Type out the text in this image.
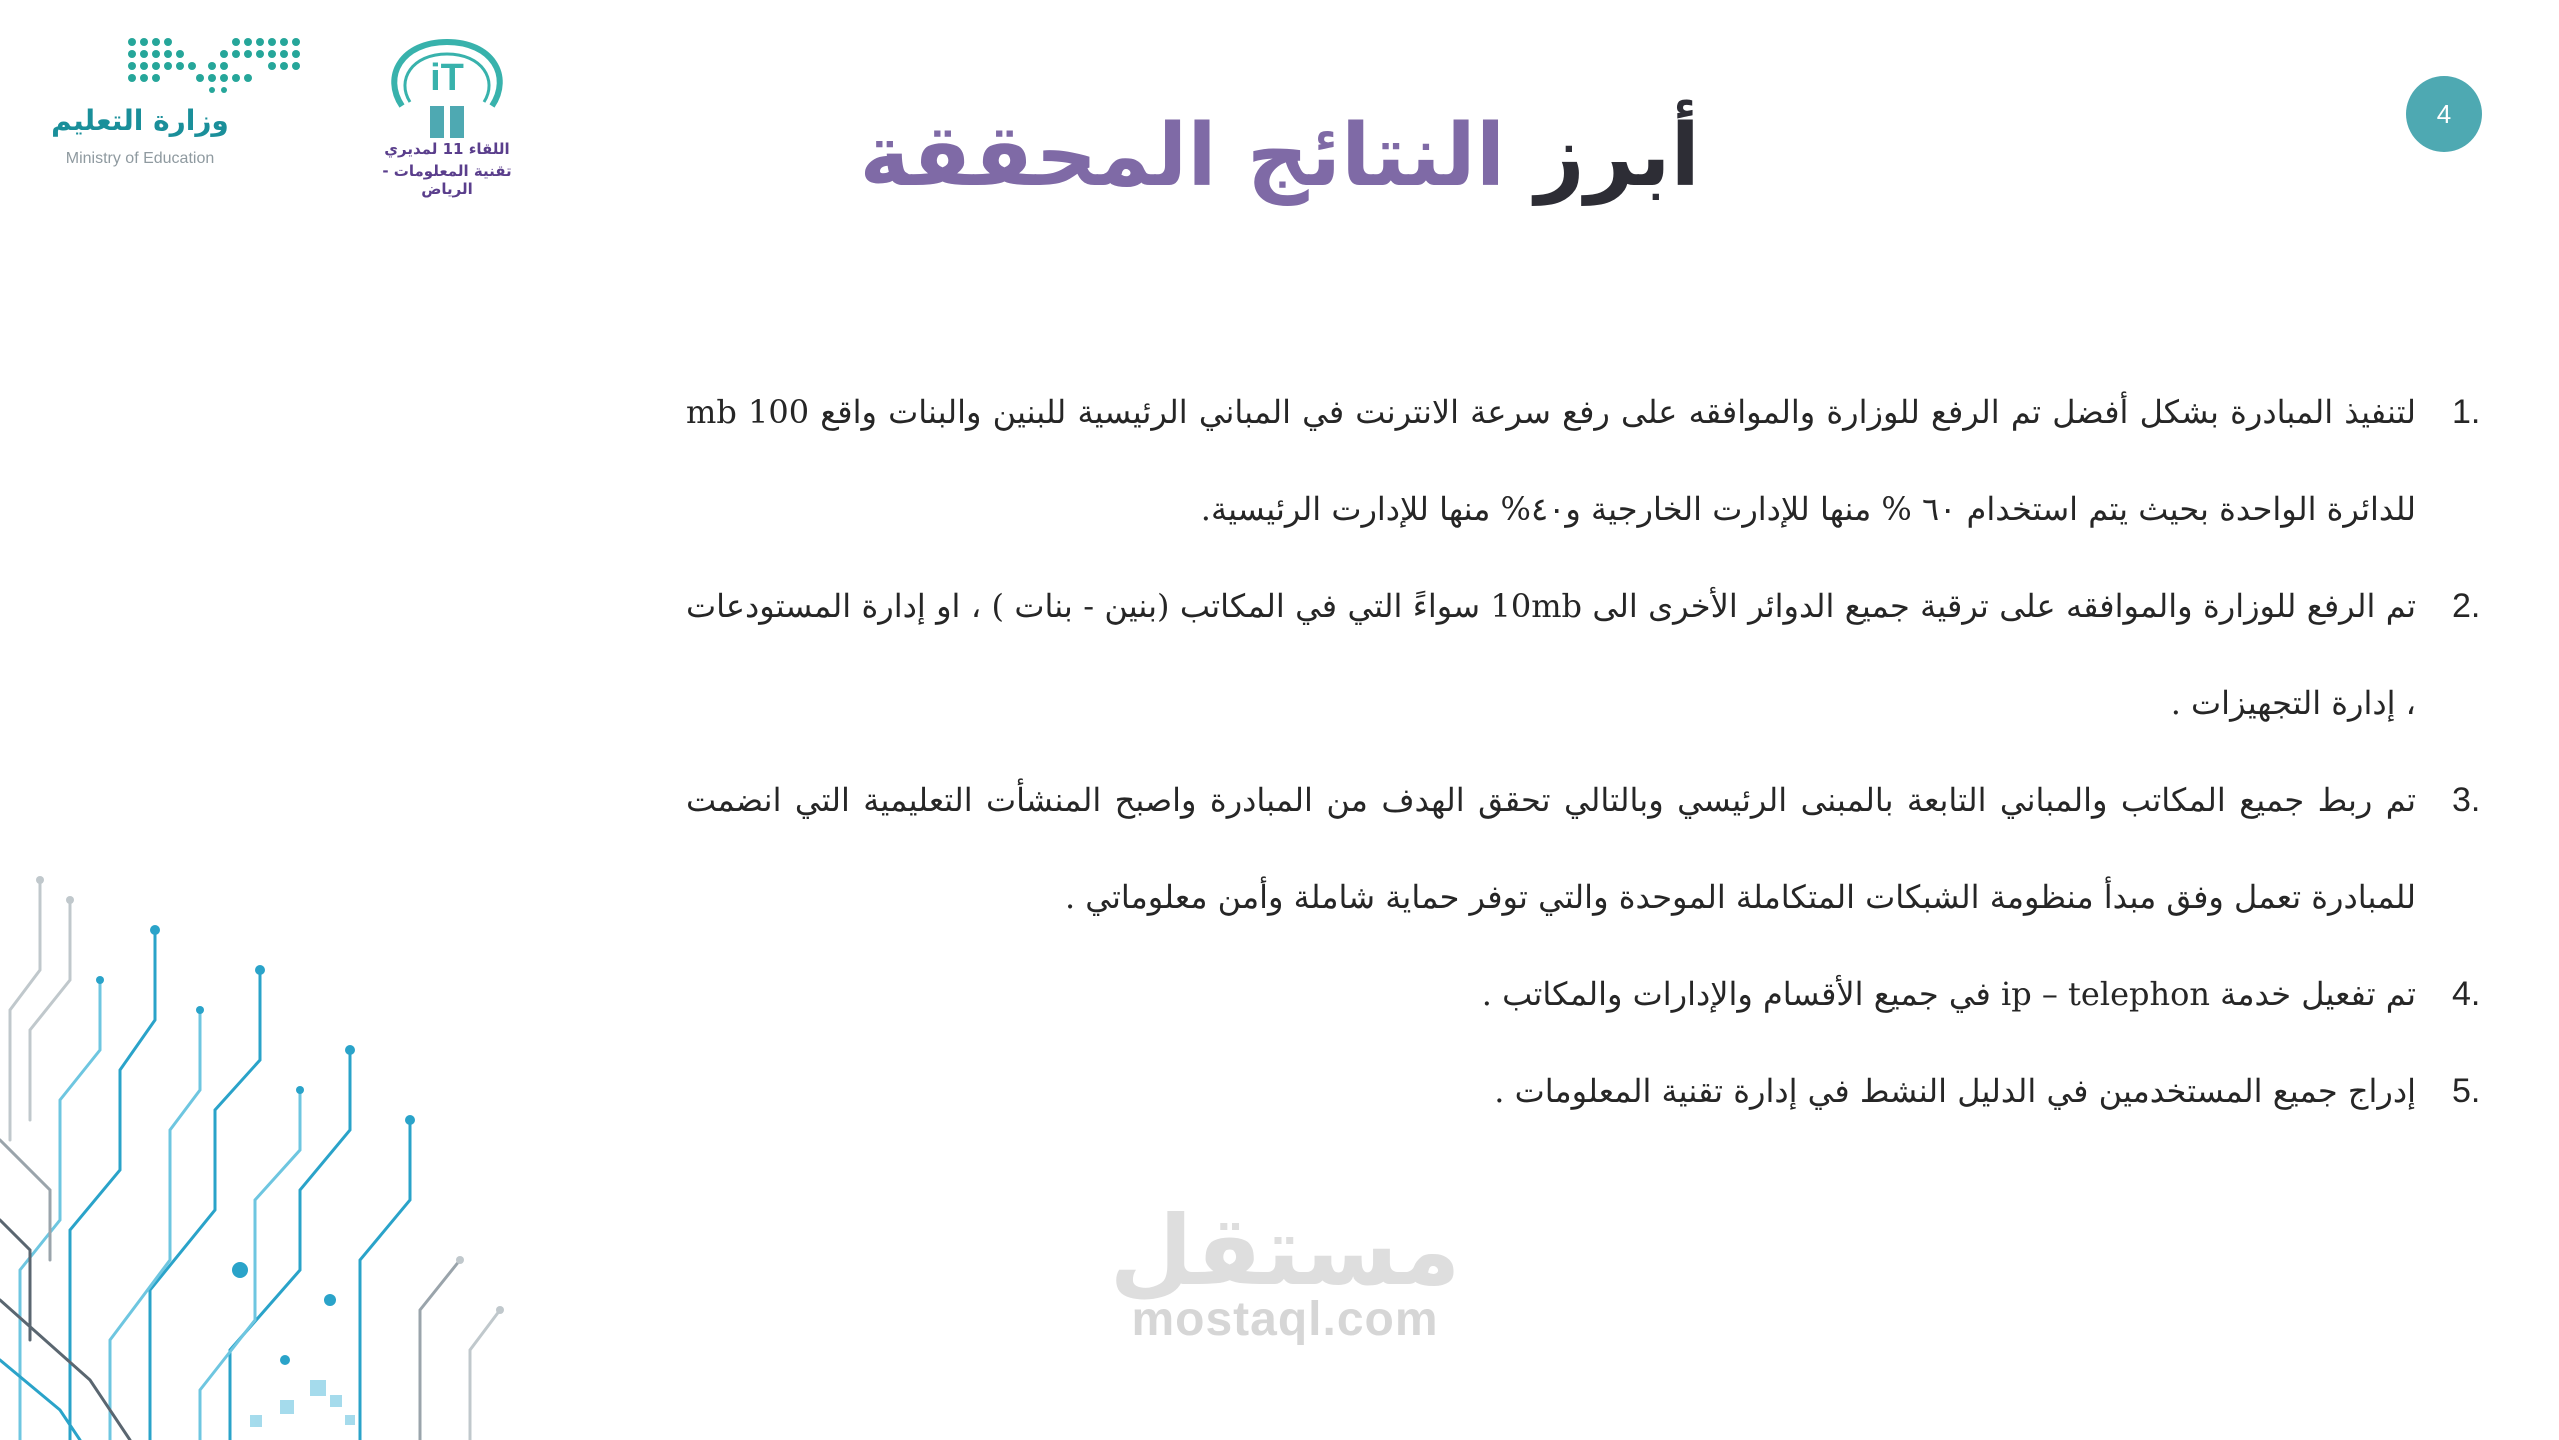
وزارة التعليم
Ministry of Education
iT
اللقاء 11 لمديري
تقنية المعلومات - الرياض
4
أبرز النتائج المحققة
1.
لتنفيذ المبادرة بشكل أفضل تم الرفع للوزارة والموافقه على رفع سرعة الانترنت في المباني الرئيسية للبنين والبنات واقع 100 mb للدائرة الواحدة بحيث يتم استخدام ٦٠ % منها للإدارت الخارجية و٤٠% منها للإدارت الرئيسية.
2.
تم الرفع للوزارة والموافقه على ترقية جميع الدوائر الأخرى الى 10mb سواءً التي في المكاتب (بنين - بنات ) ، او إدارة المستودعات ، إدارة التجهيزات .
3.
تم ربط جميع المكاتب والمباني التابعة بالمبنى الرئيسي وبالتالي تحقق الهدف من المبادرة واصبح المنشأت التعليمية التي انضمت للمبادرة تعمل وفق مبدأ منظومة الشبكات المتكاملة الموحدة والتي توفر حماية شاملة وأمن معلوماتي .
4.
تم تفعيل خدمة ip – telephon في جميع الأقسام والإدارات والمكاتب .
5.
إدراج جميع المستخدمين في الدليل النشط في إدارة تقنية المعلومات .
مستقل
mostaql.com
